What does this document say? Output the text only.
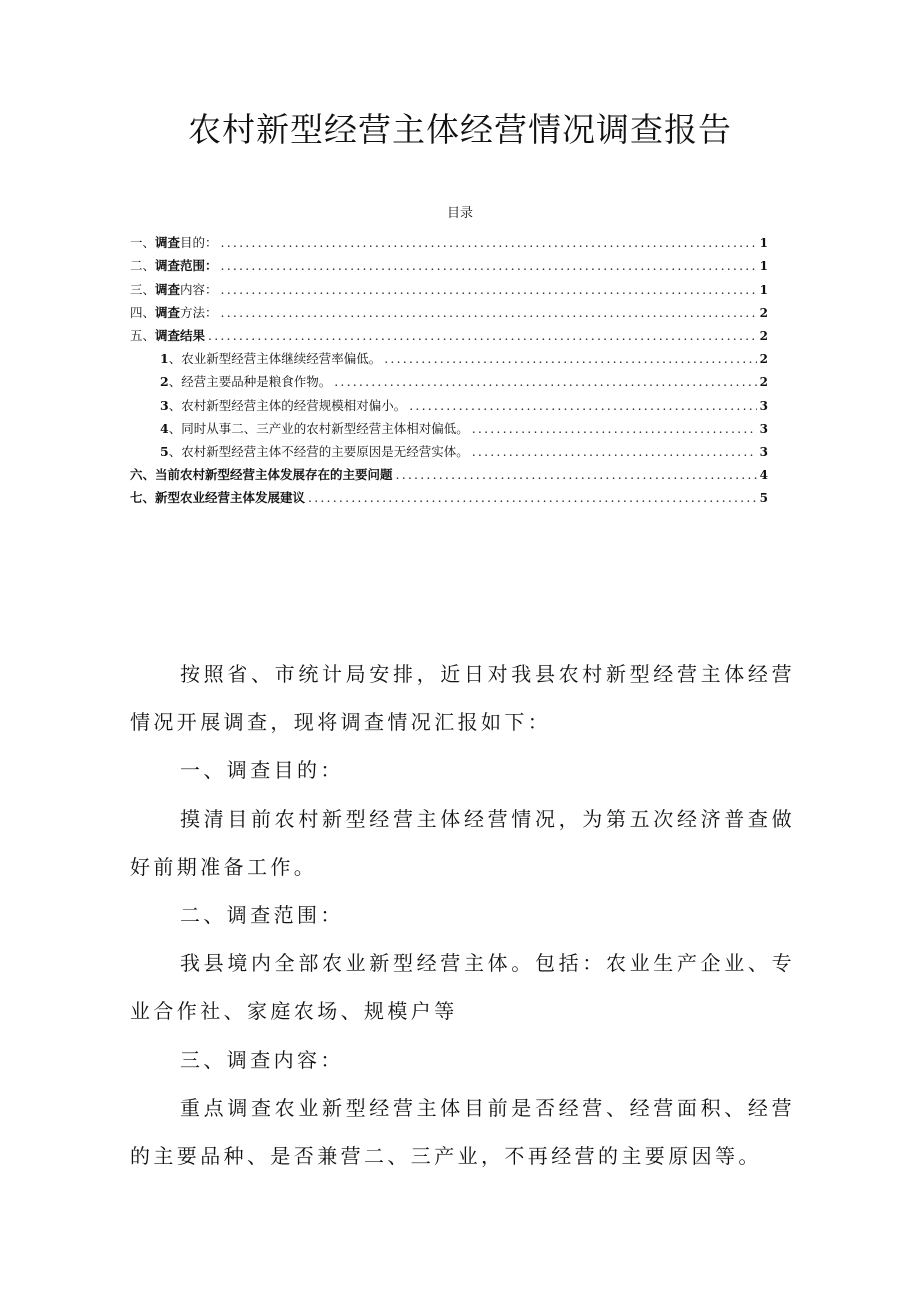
农村新型经营主体经营情况调查报告
目录
一、调查目的： .....	1
二、调查范围： .....	1
三、调查内容： .....	1
四、调查方法： .....	2
五、调查结果 .....	2
1、农业新型经营主体继续经营率偏低。 .....	2
2、经营主要品种是粮食作物。 .....	2
3、农村新型经营主体的经营规模相对偏小。 .....	3
4、同时从事二、三产业的农村新型经营主体相对偏低。 .....	3
5、农村新型经营主体不经营的主要原因是无经营实体。 .....	3
六、当前农村新型经营主体发展存在的主要问题 .....	4
七、新型农业经营主体发展建议 .....	5

按照省、市统计局安排，近日对我县农村新型经营主体经营情况开展调查，现将调查情况汇报如下：

一、调查目的：

摸清目前农村新型经营主体经营情况，为第五次经济普查做好前期准备工作。

二、调查范围：

我县境内全部农业新型经营主体。包括：农业生产企业、专业合作社、家庭农场、规模户等

三、调查内容：

重点调查农业新型经营主体目前是否经营、经营面积、经营的主要品种、是否兼营二、三产业，不再经营的主要原因等。
